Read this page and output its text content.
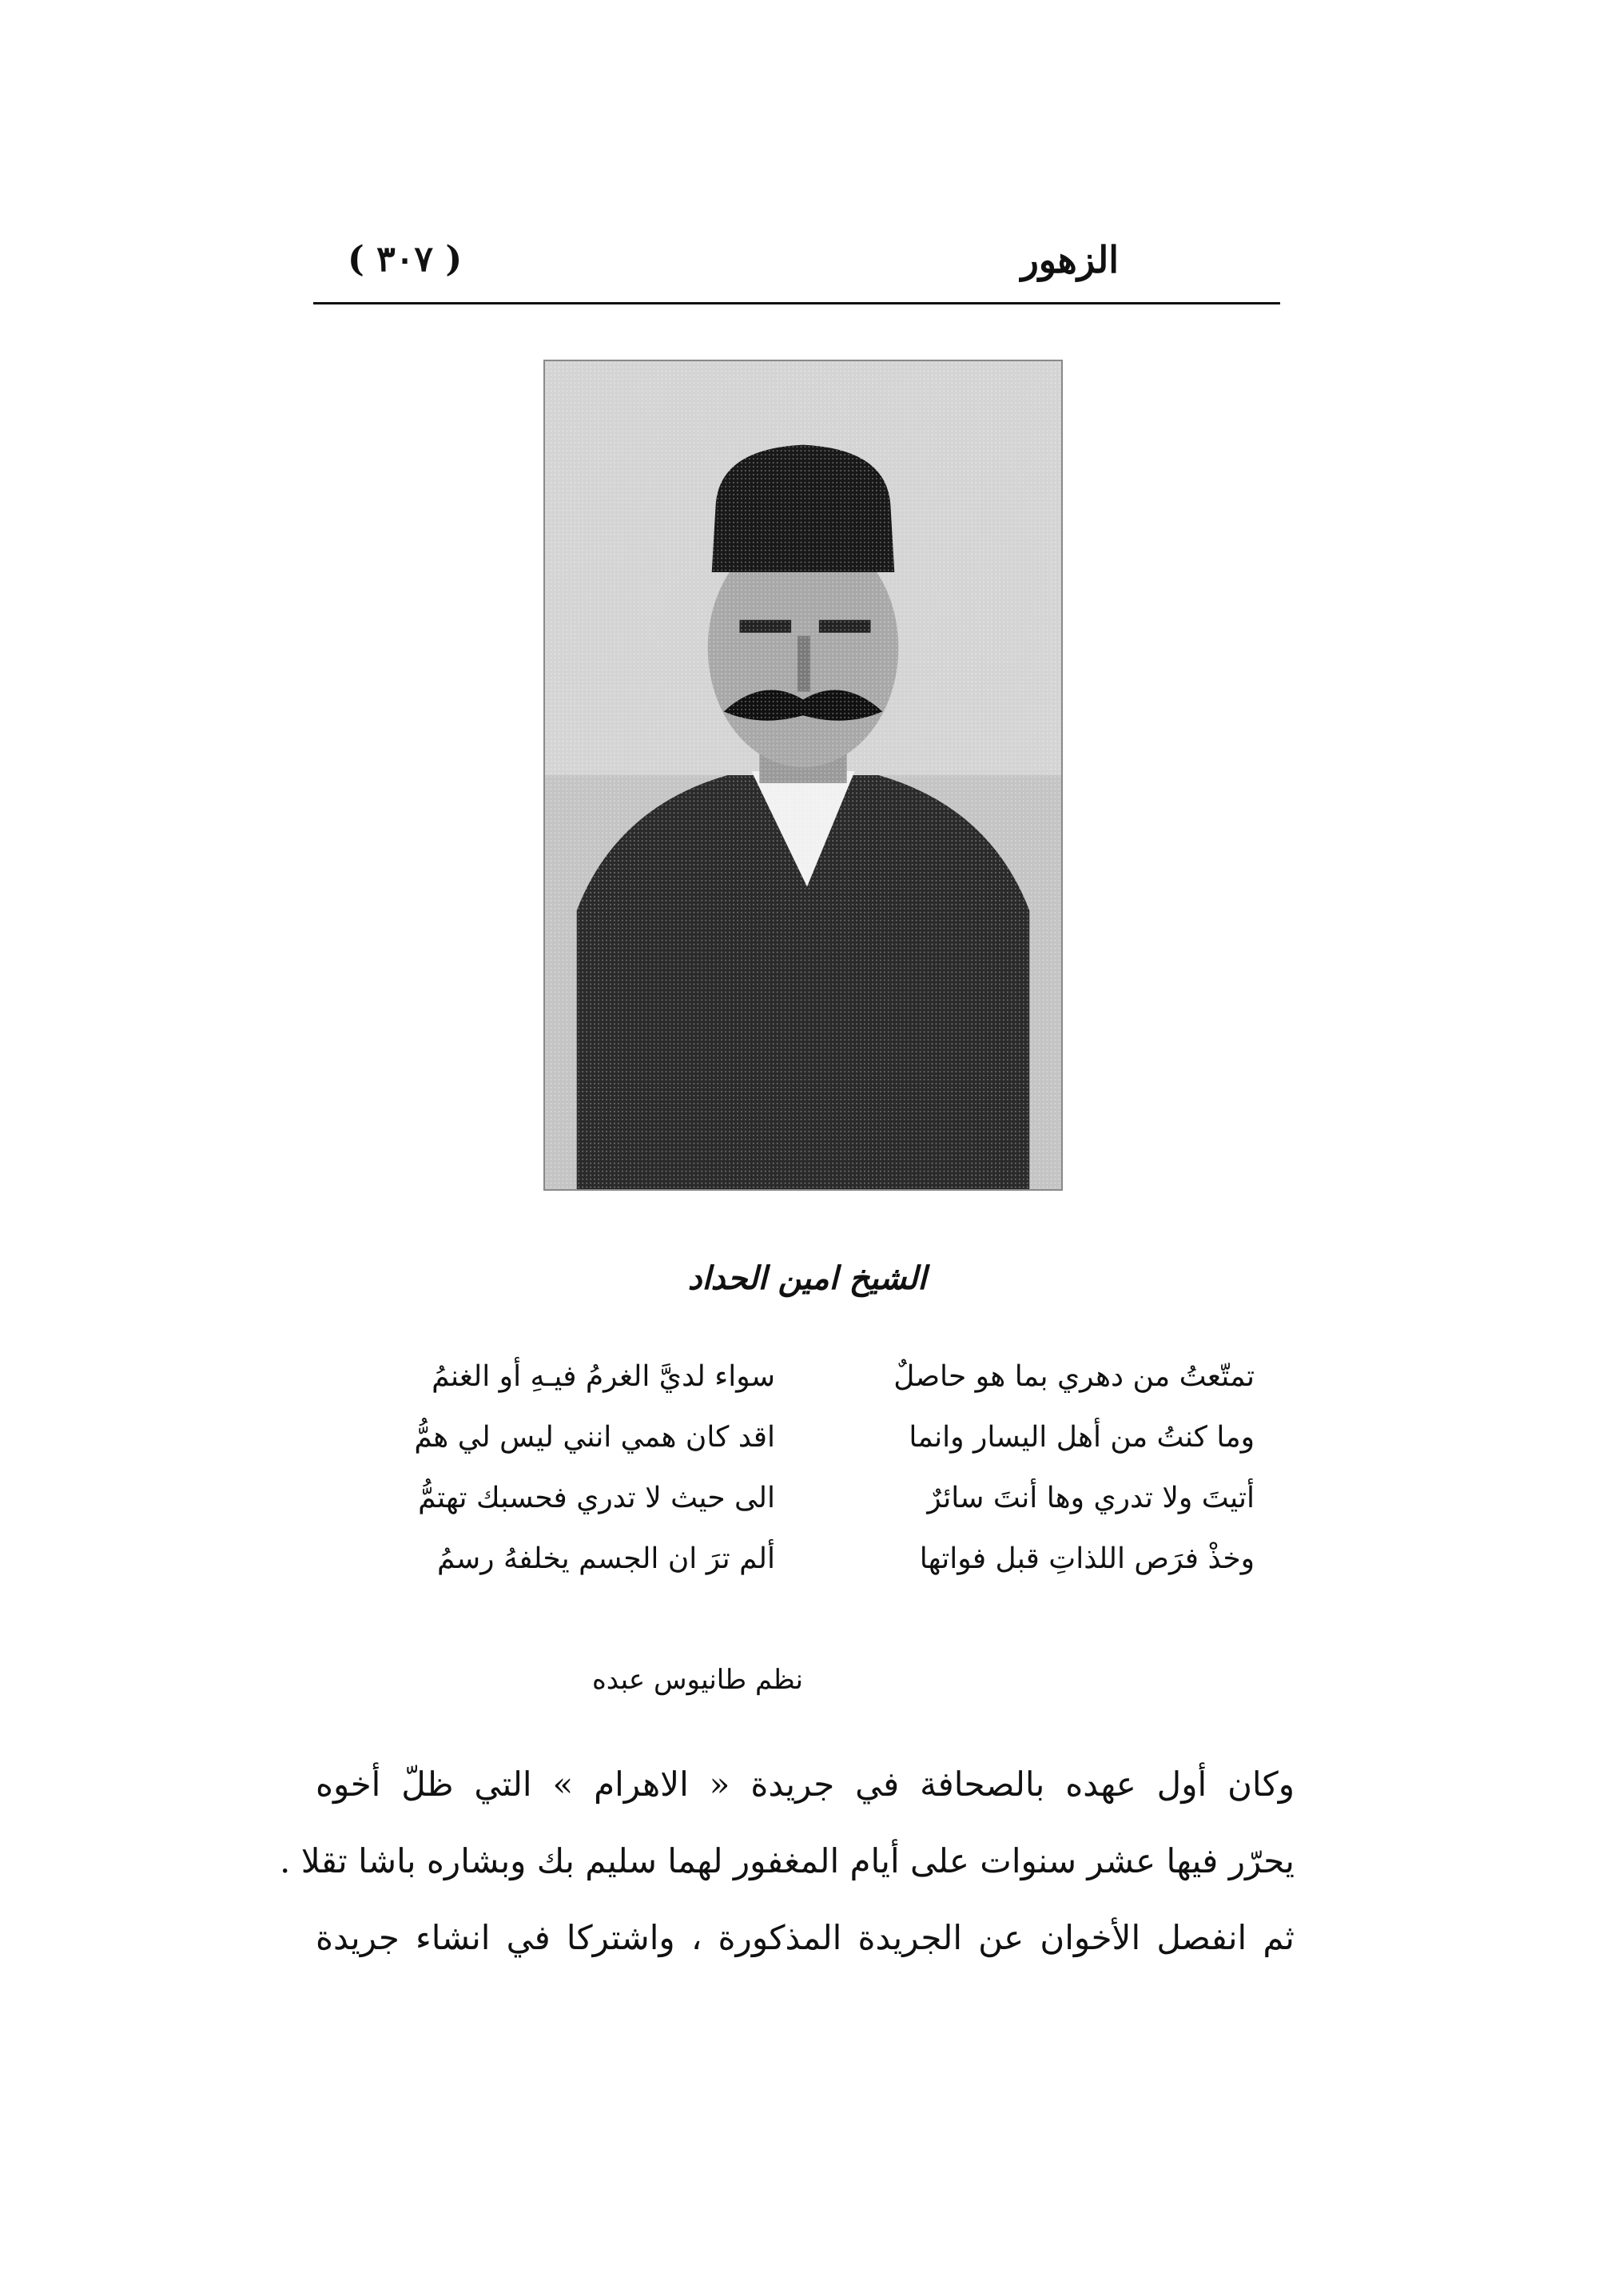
الزهور
( ٣٠٧ )
الشيخ امين الحداد
تمتّعتُ من دهري بما هو حاصلٌ
سواء لديَّ الغرمُ فيـهِ أو الغنمُ
وما كنتُ من أهل اليسار وانما
اقد كان همي انني ليس لي همُّ
أتيتَ ولا تدري وها أنتَ سائرٌ
الى حيث لا تدري فحسبك تهتمُّ
وخذْ فرَص اللذاتِ قبل فواتها
ألم ترَ ان الجسم يخلفهُ رسمُ
نظم طانيوس عبده
وكان أول عهده بالصحافة في جريدة « الاهرام » التي ظلّ أخوه
يحرّر فيها عشر سنوات على أيام المغفور لهما سليم بك وبشاره باشا تقلا .
ثم انفصل الأخوان عن الجريدة المذكورة ، واشتركا في انشاء جريدة
